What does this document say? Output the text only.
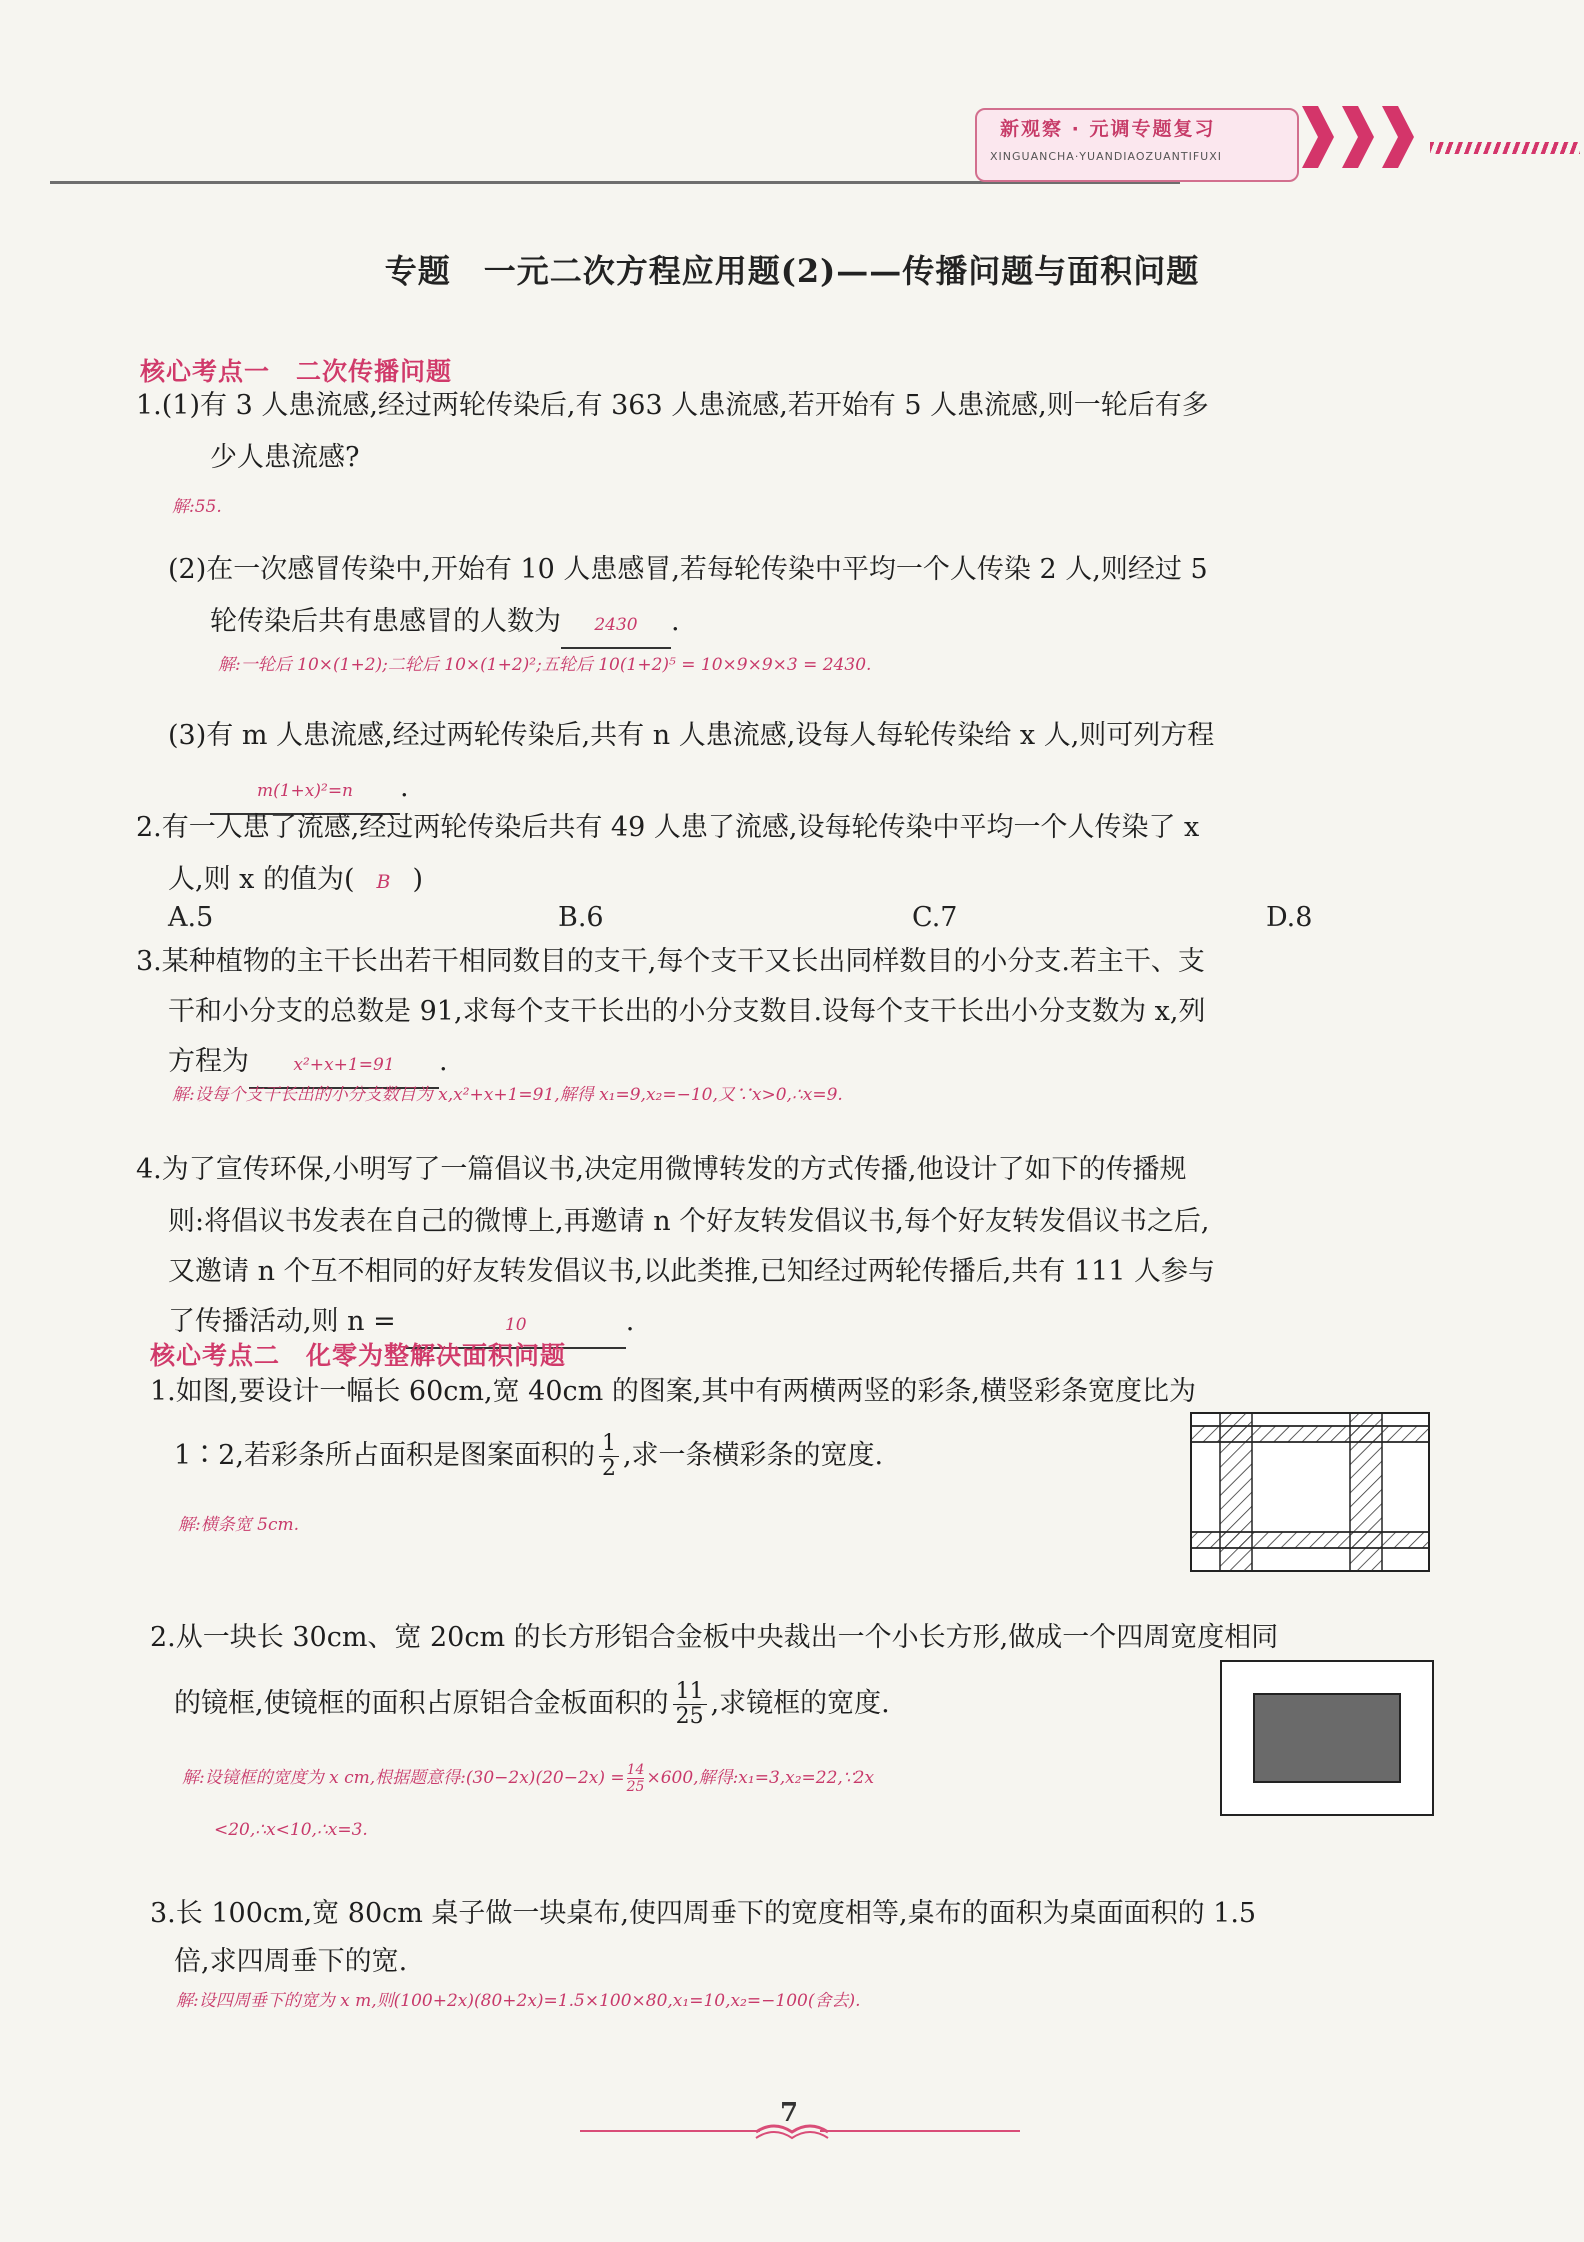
新观察 · 元调专题复习
XINGUANCHA·YUANDIAOZUANTIFUXI
专题　一元二次方程应用题(2)——传播问题与面积问题
核心考点一　二次传播问题
1.(1)有 3 人患流感,经过两轮传染后,有 363 人患流感,若开始有 5 人患流感,则一轮后有多
少人患流感?
解:55.
(2)在一次感冒传染中,开始有 10 人患感冒,若每轮传染中平均一个人传染 2 人,则经过 5
轮传染后共有患感冒的人数为 2430 .
解:一轮后 10×(1+2);二轮后 10×(1+2)²;五轮后 10(1+2)⁵ = 10×9×9×3 = 2430.
(3)有 m 人患流感,经过两轮传染后,共有 n 人患流感,设每人每轮传染给 x 人,则可列方程
m(1+x)²=n .
2.有一人患了流感,经过两轮传染后共有 49 人患了流感,设每轮传染中平均一个人传染了 x
人,则 x 的值为( B )
A.5	B.6	C.7	D.8
3.某种植物的主干长出若干相同数目的支干,每个支干又长出同样数目的小分支.若主干、支
干和小分支的总数是 91,求每个支干长出的小分支数目.设每个支干长出小分支数为 x,列
方程为	x²+x+1=91 .
解:设每个支干长出的小分支数目为 x,x²+x+1=91,解得 x₁=9,x₂=−10,又∵x>0,∴x=9.
4.为了宣传环保,小明写了一篇倡议书,决定用微博转发的方式传播,他设计了如下的传播规
则:将倡议书发表在自己的微博上,再邀请 n 个好友转发倡议书,每个好友转发倡议书之后,
又邀请 n 个互不相同的好友转发倡议书,以此类推,已知经过两轮传播后,共有 111 人参与
了传播活动,则 n =	10	.
核心考点二　化零为整解决面积问题
1.如图,要设计一幅长 60cm,宽 40cm 的图案,其中有两横两竖的彩条,横竖彩条宽度比为
1∶2,若彩条所占面积是图案面积的 $\frac{1}{2}$ ,求一条横彩条的宽度.
解:横条宽 5cm.
2.从一块长 30cm、宽 20cm 的长方形铝合金板中央裁出一个小长方形,做成一个四周宽度相同
的镜框,使镜框的面积占原铝合金板面积的 $\frac{11}{25}$ ,求镜框的宽度.
解:设镜框的宽度为 x cm,根据题意得:(30−2x)(20−2x) = $\frac{14}{25} \times 600$,解得:x₁=3,x₂=22,∵2x
<20,∴x<10,∴x=3.
3.长 100cm,宽 80cm 桌子做一块桌布,使四周垂下的宽度相等,桌布的面积为桌面面积的 1.5
倍,求四周垂下的宽.
解:设四周垂下的宽为 x m,则(100+2x)(80+2x)=1.5×100×80,x₁=10,x₂=−100(舍去).
7
